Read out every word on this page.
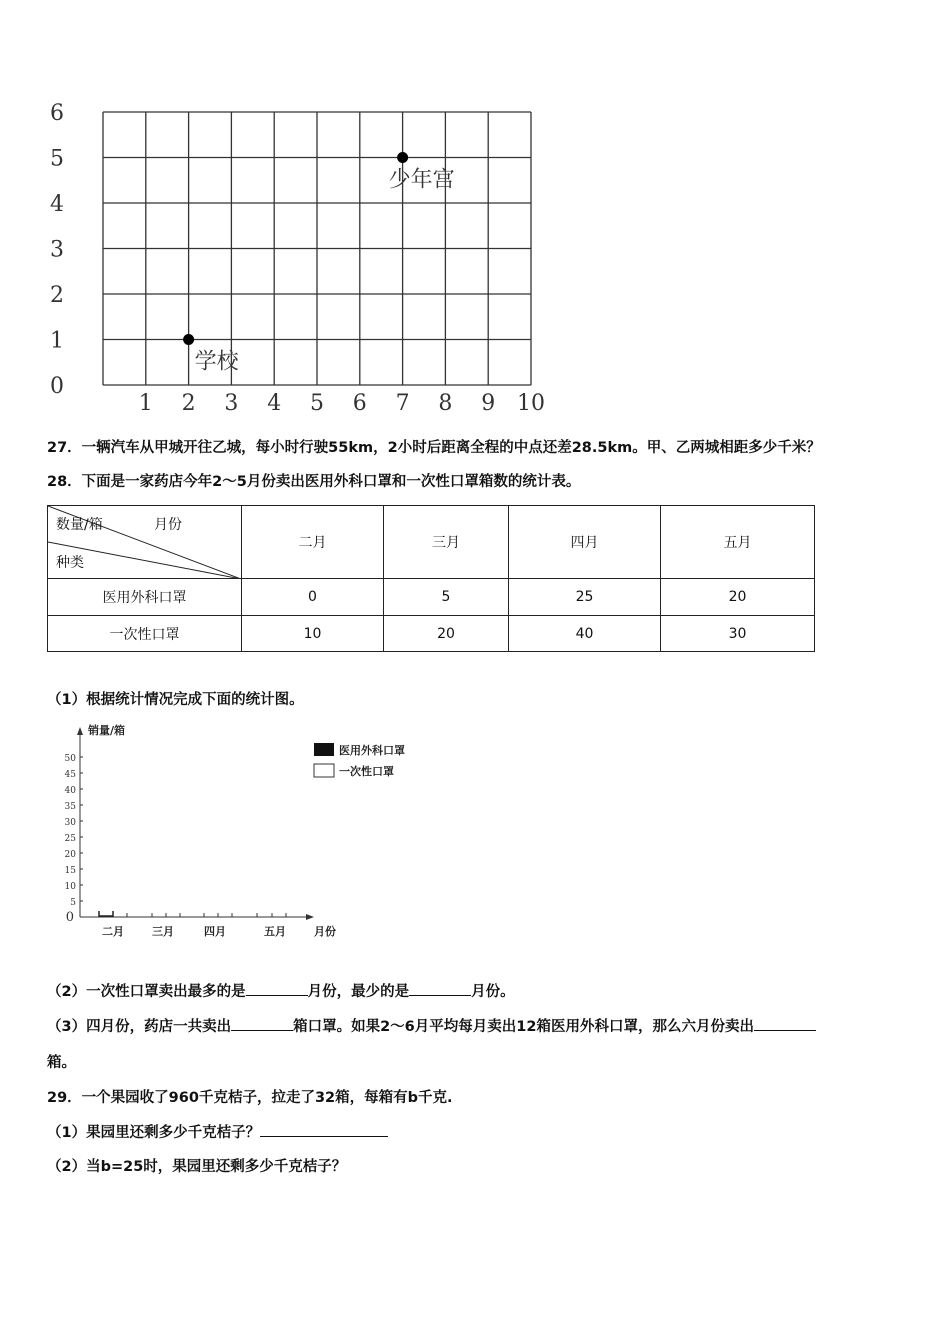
0
1
2
3
4
5
6
1 2 3 4 5 6 7 8 9 10
学校
少年宫
27．一辆汽车从甲城开往乙城，每小时行驶55km，2小时后距离全程的中点还差28.5km。甲、乙两城相距多少千米？
28．下面是一家药店今年2～5月份卖出医用外科口罩和一次性口罩箱数的统计表。
数量/箱 月份
种类	二月	三月	四月	五月
医用外科口罩	0	5	25	20
一次性口罩	10	20	40	30
（1）根据统计情况完成下面的统计图。
销量/箱
0
5
10
15
20
25
30
35
40
45
50
二月	三月	四月	五月	月份
医用外科口罩
一次性口罩
（2）一次性口罩卖出最多的是	月份，最少的是	月份。
（3）四月份，药店一共卖出	箱口罩。如果2～6月平均每月卖出12箱医用外科口罩，那么六月份卖出
箱。
29．一个果园收了960千克桔子，拉走了32箱，每箱有b千克.
（1）果园里还剩多少千克桔子？
（2）当b=25时，果园里还剩多少千克桔子？
